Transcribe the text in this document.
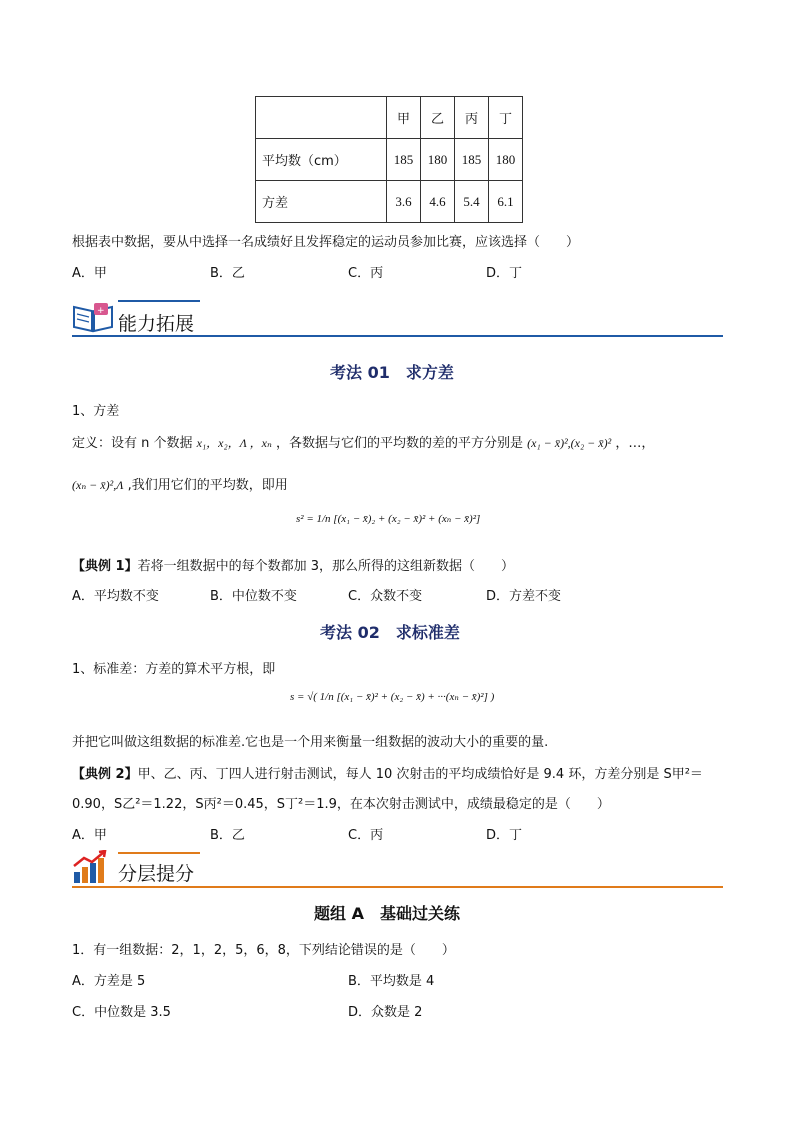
	甲	乙	丙	丁
平均数（cm）	185	180	185	180
方差	3.6	4.6	5.4	6.1
根据表中数据，要从中选择一名成绩好且发挥稳定的运动员参加比赛，应该选择（　　）
A．甲	B．乙	C．丙	D．丁
+
能力拓展
考法 01　求方差
1、方差
定义：设有 n 个数据 x₁，x₂，Λ ，xₙ ，各数据与它们的平均数的差的平方分别是 (x₁ − x̄)²,(x₂ − x̄)² ，…，
(xₙ − x̄)²,Λ ,我们用它们的平均数，即用
s² = 1/n [(x₁ − x̄)₂ + (x₂ − x̄)² + (xₙ − x̄)²]
【典例 1】若将一组数据中的每个数都加 3，那么所得的这组新数据（　　）
A．平均数不变	B．中位数不变	C．众数不变	D．方差不变
考法 02　求标准差
1、标准差：方差的算术平方根，即
s = √( 1/n [(x₁ − x̄)² + (x₂ − x̄) + ···(xₙ − x̄)²] )
并把它叫做这组数据的标准差.它也是一个用来衡量一组数据的波动大小的重要的量.
【典例 2】甲、乙、丙、丁四人进行射击测试，每人 10 次射击的平均成绩恰好是 9.4 环，方差分别是 S甲²＝
0.90，S乙²＝1.22，S丙²＝0.45，S丁²＝1.9，在本次射击测试中，成绩最稳定的是（　　）
A．甲	B．乙	C．丙	D．丁
分层提分
题组 A　基础过关练
1．有一组数据：2，1，2，5，6，8，下列结论错误的是（　　）
A．方差是 5	B．平均数是 4
C．中位数是 3.5	D．众数是 2
